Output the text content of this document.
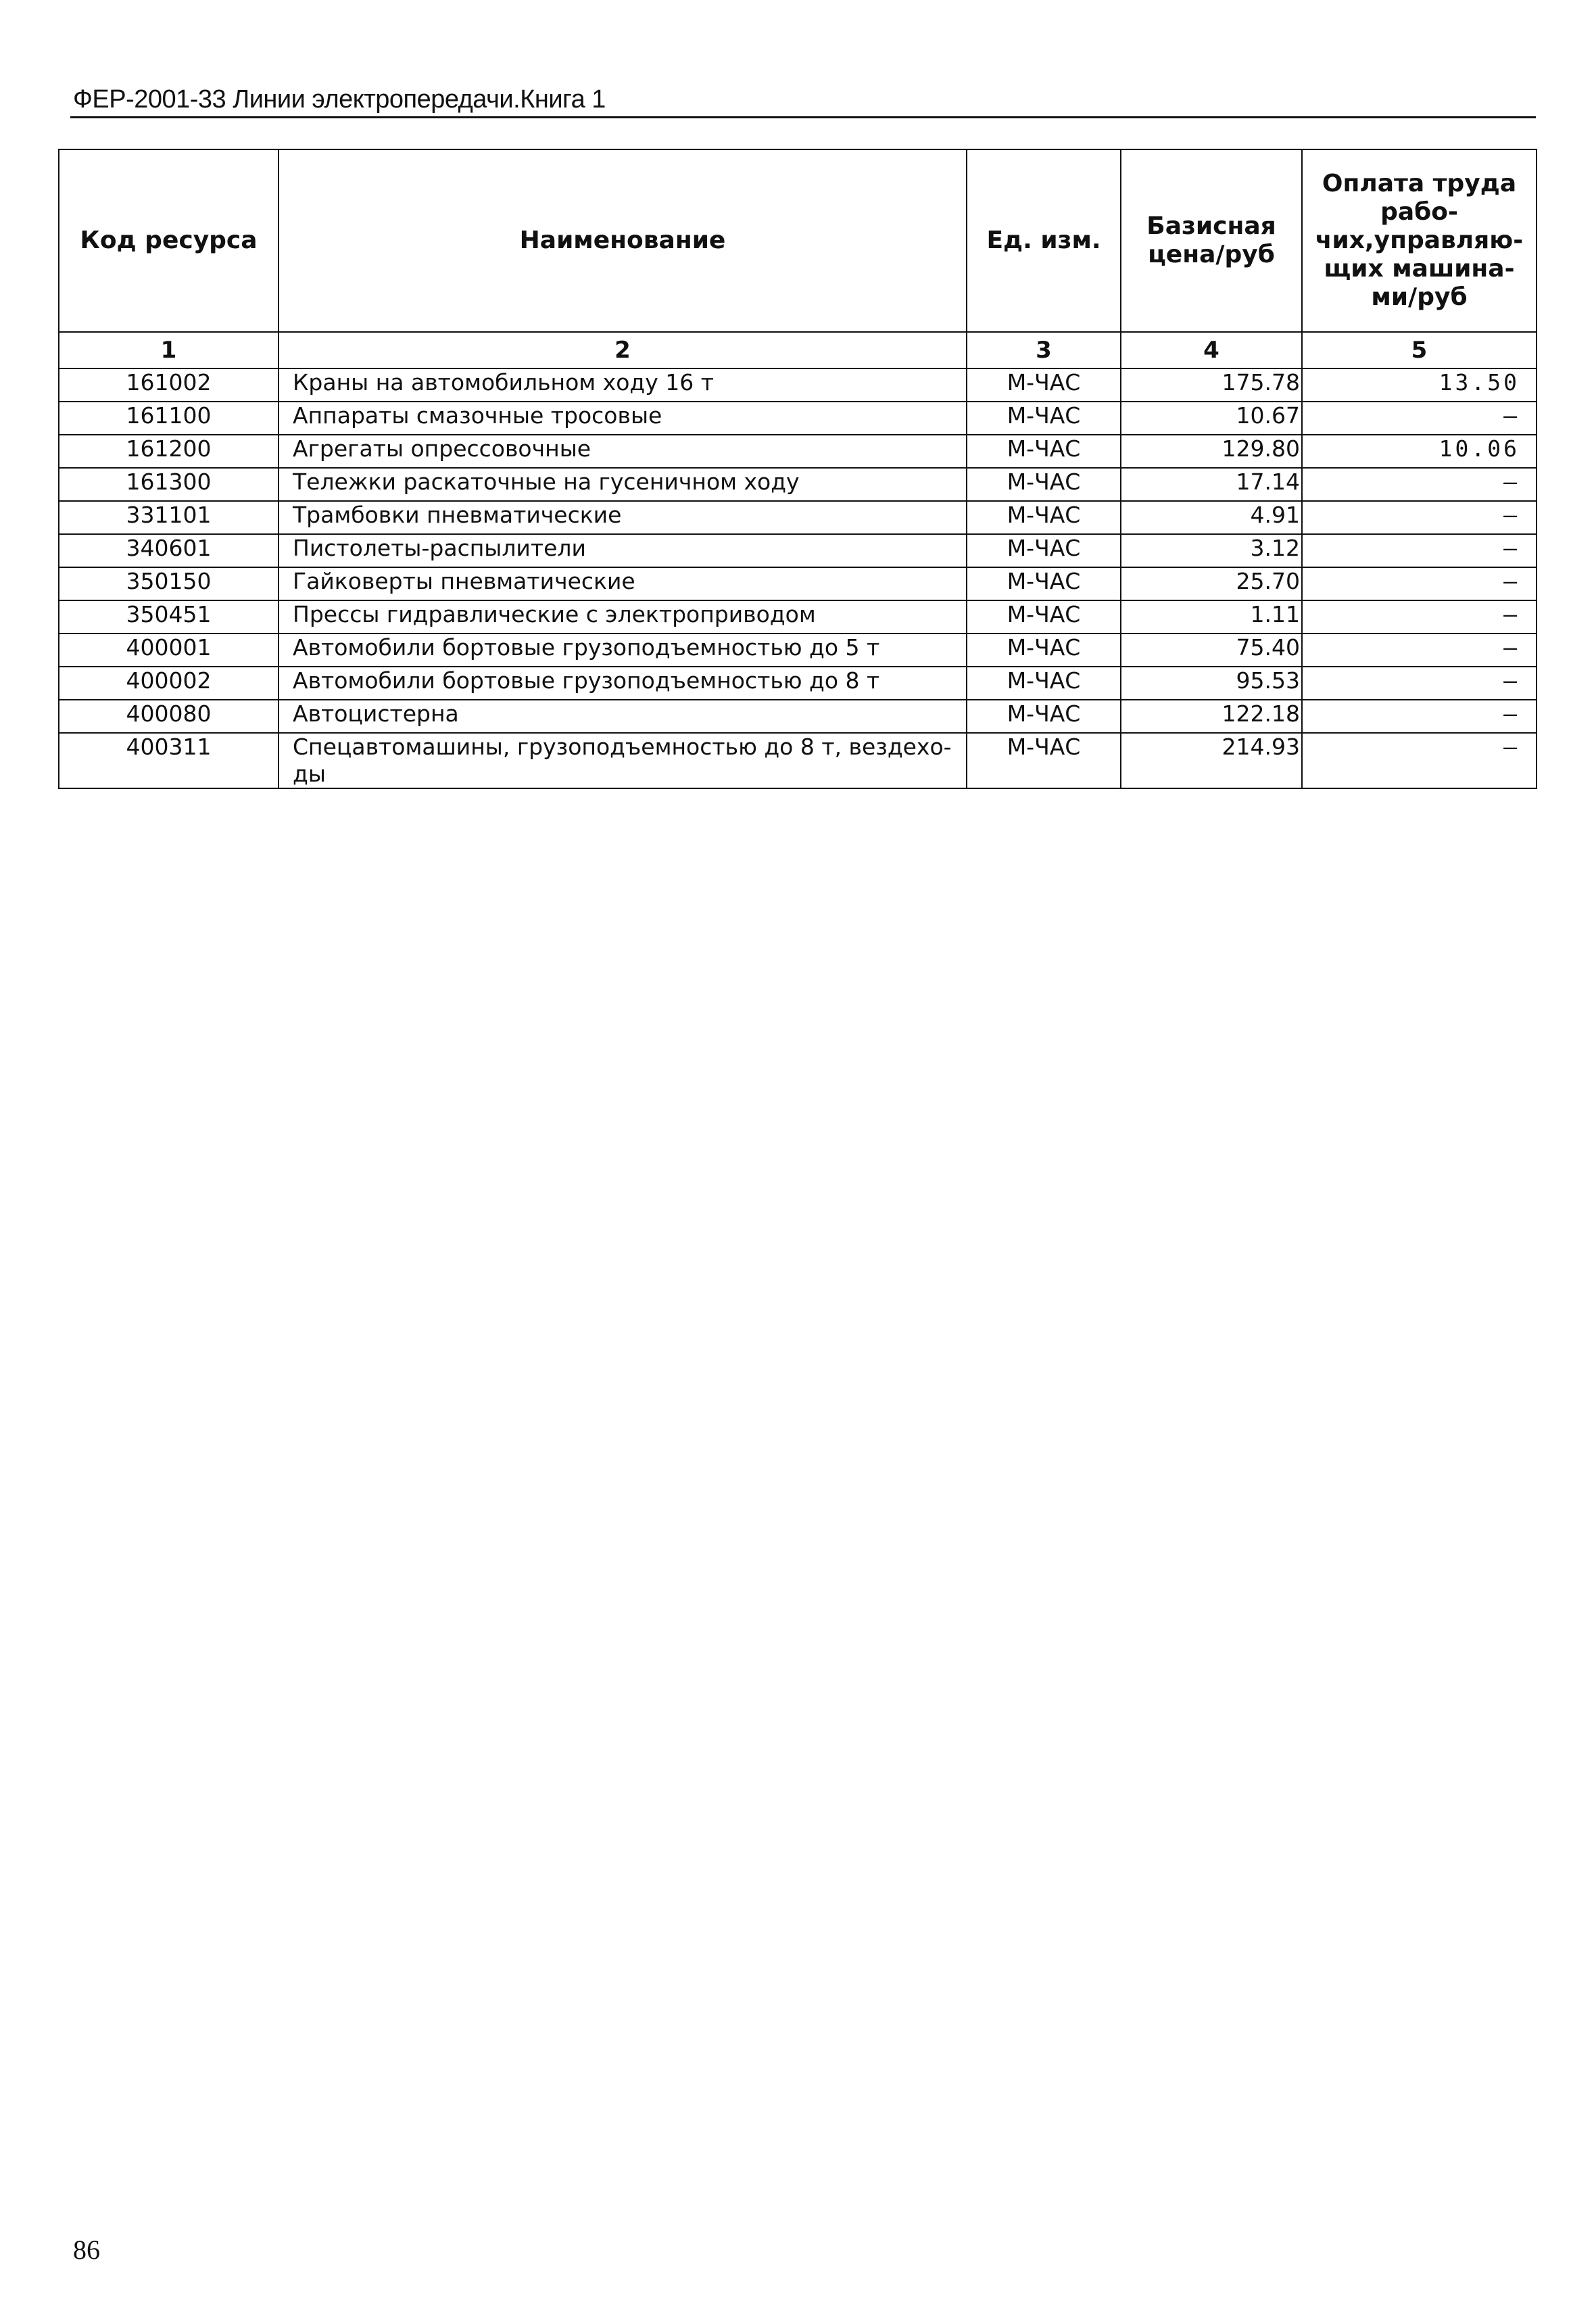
ФЕР-2001-33 Линии электропередачи.Книга 1
Код ресурса	Наименование	Ед. изм.	Базисная цена/руб	Оплата труда рабо-чих,управляю-щих машина-ми/руб
1	2	3	4	5
161002	Краны на автомобильном ходу 16 т	М-ЧАС	175.78	13.50
161100	Аппараты смазочные тросовые	М-ЧАС	10.67	—
161200	Агрегаты опрессовочные	М-ЧАС	129.80	10.06
161300	Тележки раскаточные на гусеничном ходу	М-ЧАС	17.14	—
331101	Трамбовки пневматические	М-ЧАС	4.91	—
340601	Пистолеты-распылители	М-ЧАС	3.12	—
350150	Гайковерты пневматические	М-ЧАС	25.70	—
350451	Прессы гидравлические с электроприводом	М-ЧАС	1.11	—
400001	Автомобили бортовые грузоподъемностью до 5 т	М-ЧАС	75.40	—
400002	Автомобили бортовые грузоподъемностью до 8 т	М-ЧАС	95.53	—
400080	Автоцистерна	М-ЧАС	122.18	—
400311	Спецавтомашины, грузоподъемностью до 8 т, вездехо-ды	М-ЧАС	214.93	—
86
